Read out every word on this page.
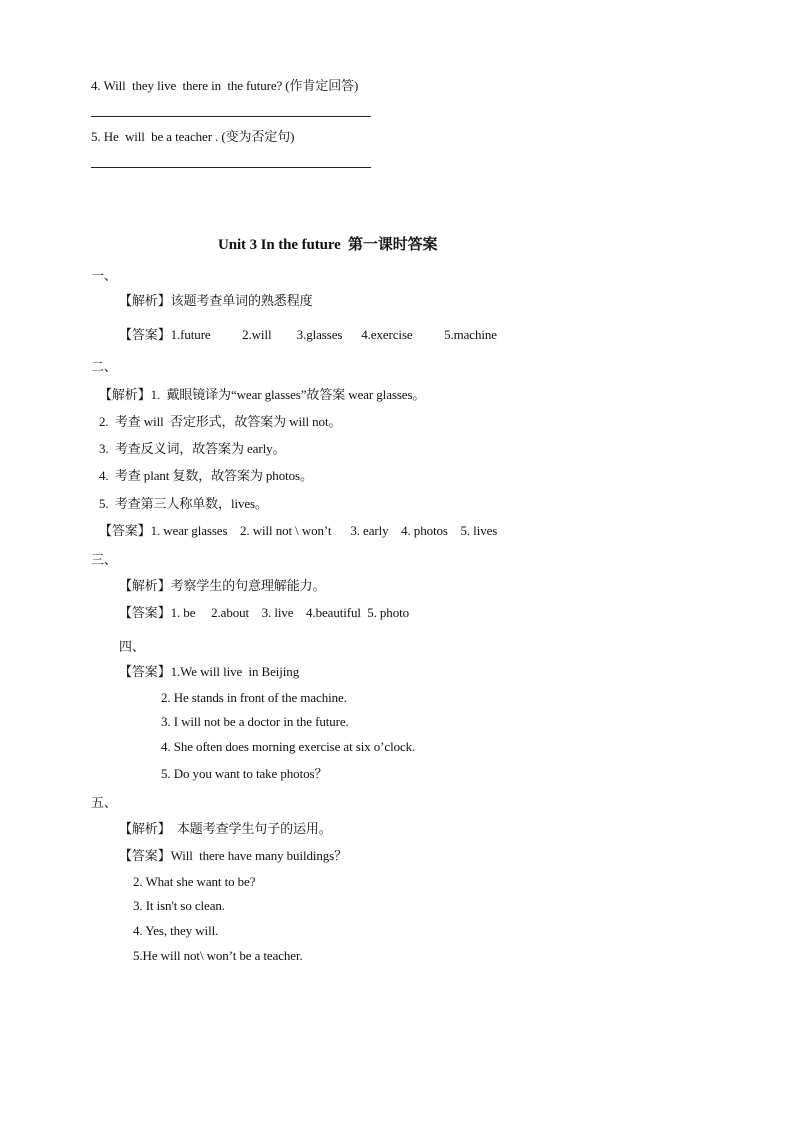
4. Will  they live  there in  the future? (作肯定回答)
5. He  will  be a teacher . (变为否定句)
Unit 3 In the future  第一课时答案
一、
【解析】该题考查单词的熟悉程度
【答案】1.future          2.will        3.glasses      4.exercise          5.machine
二、
【解析】1.  戴眼镜译为“wear glasses”故答案 wear glasses。
2.  考查 will  否定形式，故答案为 will not。
3.  考查反义词，故答案为 early。
4.  考查 plant 复数，故答案为 photos。
5.  考查第三人称单数，lives。
【答案】1. wear glasses    2. will not \ won’t      3. early    4. photos    5. lives
三、
【解析】考察学生的句意理解能力。
【答案】1. be     2.about    3. live    4.beautiful  5. photo
四、
【答案】1.We will live  in Beijing
2. He stands in front of the machine.
3. I will not be a doctor in the future.
4. She often does morning exercise at six o’clock.
5. Do you want to take photos？
五、
【解析】  本题考查学生句子的运用。
【答案】Will  there have many buildings？
2. What she want to be?
3. It isn't so clean.
4. Yes, they will.
5.He will not\ won’t be a teacher.
